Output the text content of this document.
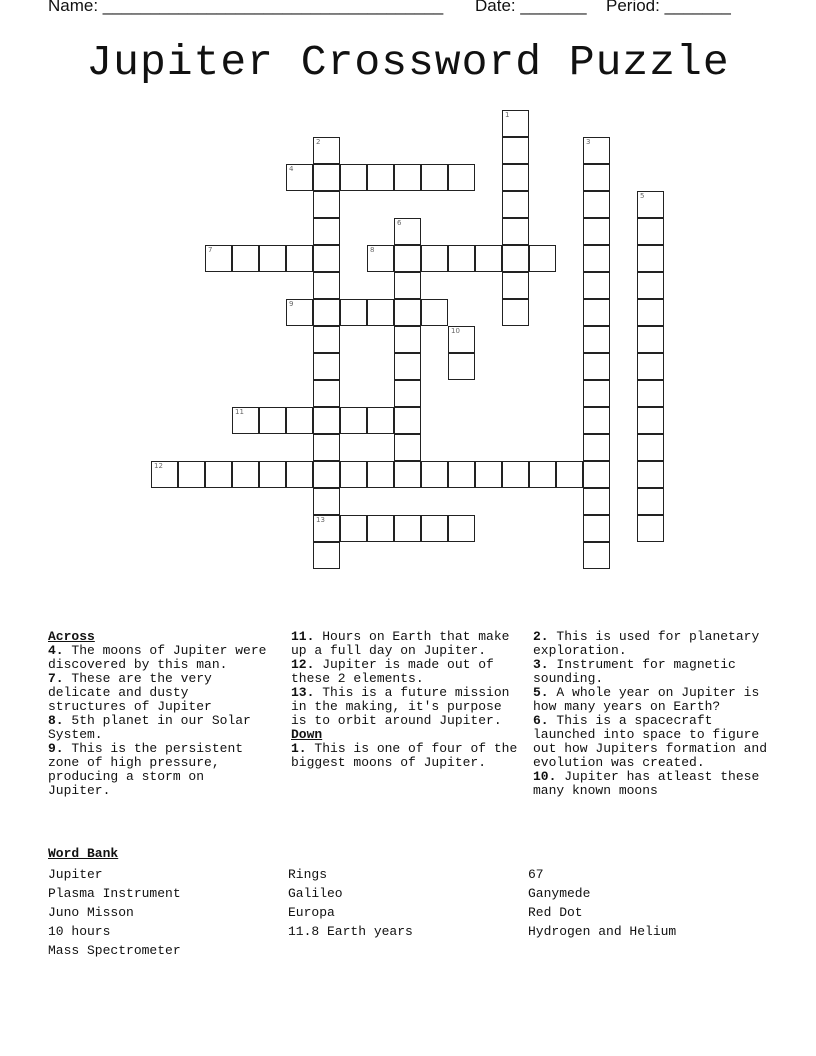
Name: ____________________________________ Date: _______ Period: _______
Jupiter Crossword Puzzle
1
2
13
3
4
5
6
7	8
9
10
11
12
Across
4. The moons of Jupiter were discovered by this man.
7. These are the very delicate and dusty structures of Jupiter
8. 5th planet in our Solar System.
9. This is the persistent zone of high pressure, producing a storm on Jupiter.
11. Hours on Earth that make up a full day on Jupiter.
12. Jupiter is made out of these 2 elements.
13. This is a future mission in the making, it's purpose is to orbit around Jupiter.
Down
1. This is one of four of the biggest moons of Jupiter.
2. This is used for planetary exploration.
3. Instrument for magnetic sounding.
5. A whole year on Jupiter is how many years on Earth?
6. This is a spacecraft launched into space to figure out how Jupiters formation and evolution was created.
10. Jupiter has atleast these many known moons
Word Bank
Jupiter
Plasma Instrument
Juno Misson
10 hours
Mass Spectrometer
Rings
Galileo
Europa
11.8 Earth years
67
Ganymede
Red Dot
Hydrogen and Helium
